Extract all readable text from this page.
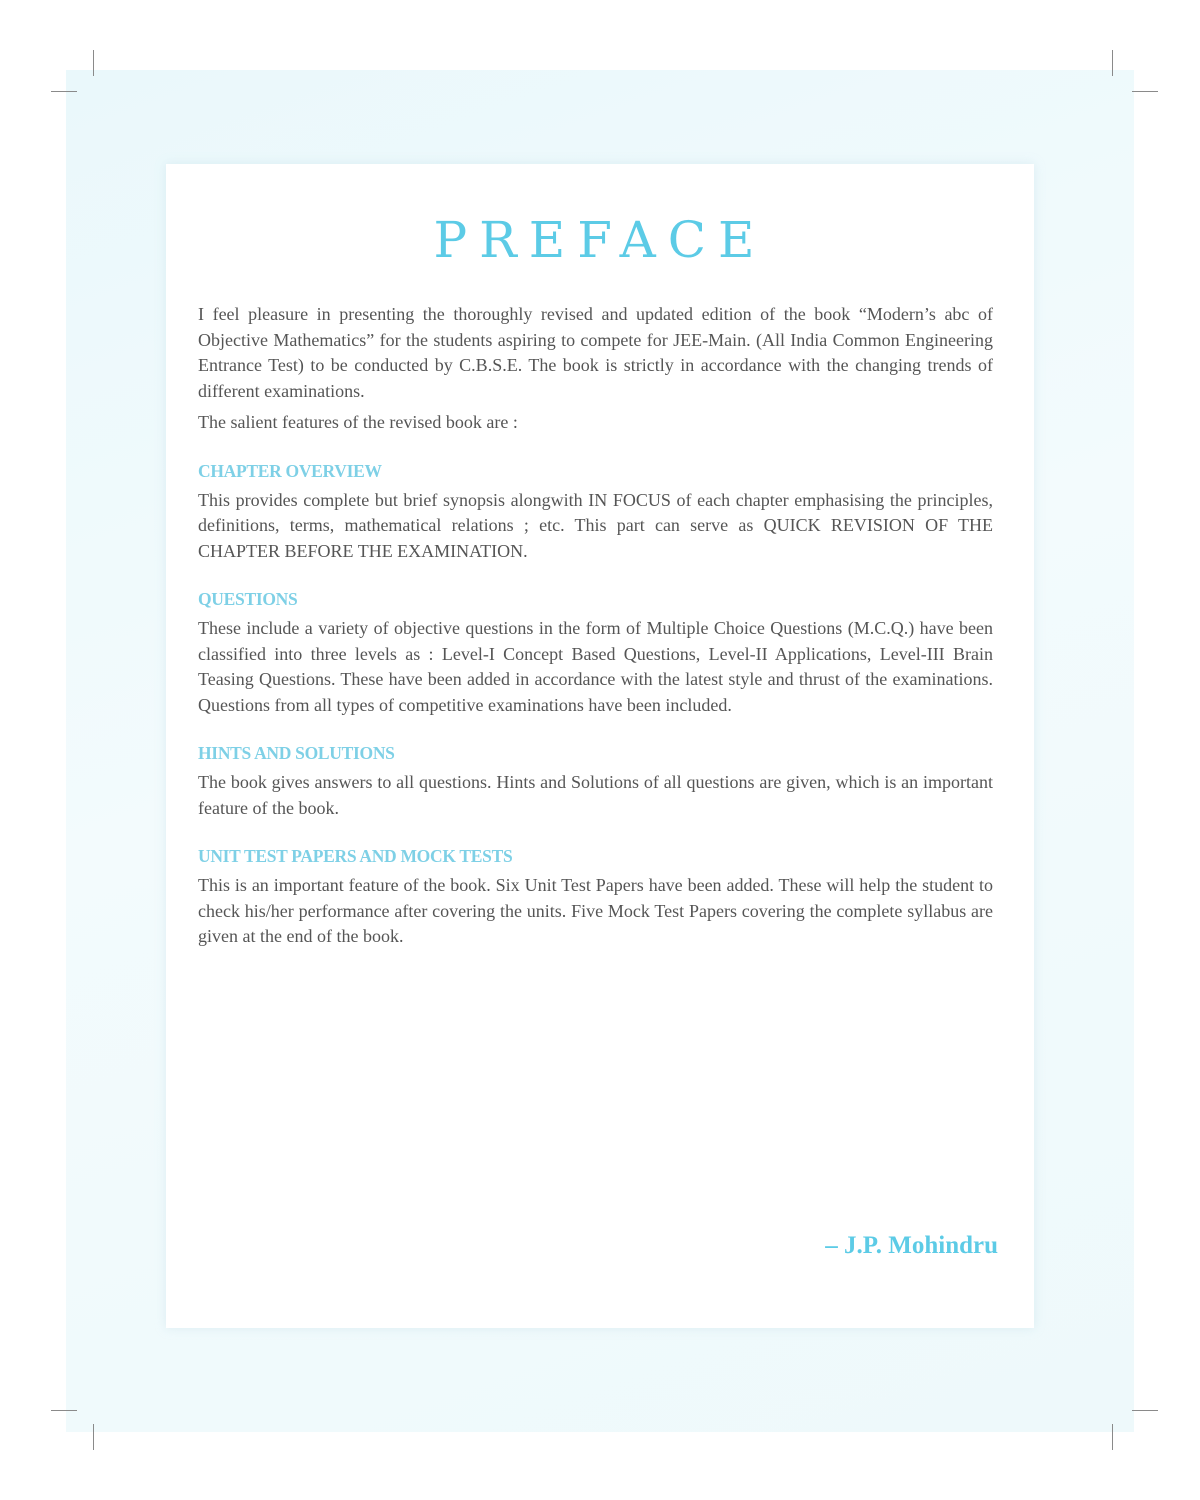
PREFACE

I feel pleasure in presenting the thoroughly revised and updated edition of the book “Modern’s abc of Objective Mathematics” for the students aspiring to compete for JEE-Main. (All India Common Engineering Entrance Test) to be conducted by C.B.S.E. The book is strictly in accordance with the changing trends of different examinations.

The salient features of the revised book are :

CHAPTER OVERVIEW

This provides complete but brief synopsis alongwith IN FOCUS of each chapter emphasising the principles, definitions, terms, mathematical relations ; etc. This part can serve as QUICK REVISION OF THE CHAPTER BEFORE THE EXAMINATION.

QUESTIONS

These include a variety of objective questions in the form of Multiple Choice Questions (M.C.Q.) have been classified into three levels as : Level-I Concept Based Questions, Level-II Applications, Level-III Brain Teasing Questions. These have been added in accordance with the latest style and thrust of the examinations. Questions from all types of competitive examinations have been included.

HINTS AND SOLUTIONS

The book gives answers to all questions. Hints and Solutions of all questions are given, which is an important feature of the book.

UNIT TEST PAPERS AND MOCK TESTS

This is an important feature of the book. Six Unit Test Papers have been added. These will help the student to check his/her performance after covering the units. Five Mock Test Papers covering the complete syllabus are given at the end of the book.

– J.P. Mohindru
